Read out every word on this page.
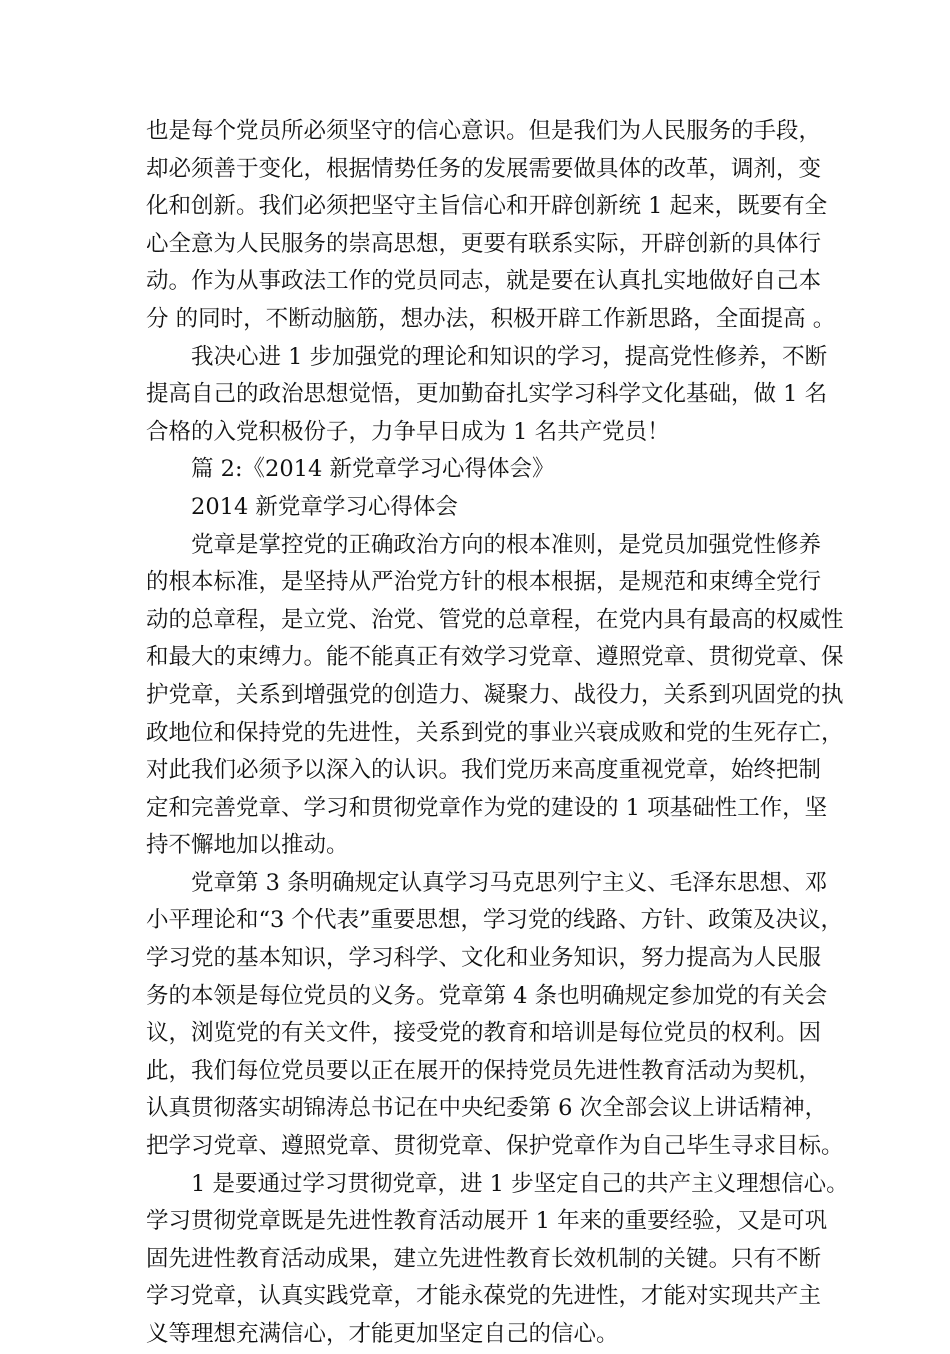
也是每个党员所必须坚守的信心意识。但是我们为人民服务的手段，
却必须善于变化，根据情势任务的发展需要做具体的改革，调剂，变
化和创新。我们必须把坚守主旨信心和开辟创新统 1 起来，既要有全
心全意为人民服务的崇高思想，更要有联系实际，开辟创新的具体行
动。作为从事政法工作的党员同志，就是要在认真扎实地做好自己本
分 的同时，不断动脑筋，想办法，积极开辟工作新思路，全面提高 。
我决心进 1 步加强党的理论和知识的学习，提高党性修养，不断
提高自己的政治思想觉悟，更加勤奋扎实学习科学文化基础，做 1 名
合格的入党积极份子，力争早日成为 1 名共产党员！
篇 2:《2014 新党章学习心得体会》
2014 新党章学习心得体会
党章是掌控党的正确政治方向的根本准则，是党员加强党性修养
的根本标准，是坚持从严治党方针的根本根据，是规范和束缚全党行
动的总章程，是立党、治党、管党的总章程，在党内具有最高的权威性
和最大的束缚力。能不能真正有效学习党章、遵照党章、贯彻党章、保
护党章，关系到增强党的创造力、凝聚力、战役力，关系到巩固党的执
政地位和保持党的先进性，关系到党的事业兴衰成败和党的生死存亡，
对此我们必须予以深入的认识。我们党历来高度重视党章，始终把制
定和完善党章、学习和贯彻党章作为党的建设的 1 项基础性工作，坚
持不懈地加以推动。
党章第 3 条明确规定认真学习马克思列宁主义、毛泽东思想、邓
小平理论和“3 个代表”重要思想，学习党的线路、方针、政策及决议，
学习党的基本知识，学习科学、文化和业务知识，努力提高为人民服
务的本领是每位党员的义务。党章第 4 条也明确规定参加党的有关会
议，浏览党的有关文件，接受党的教育和培训是每位党员的权利。因
此，我们每位党员要以正在展开的保持党员先进性教育活动为契机，
认真贯彻落实胡锦涛总书记在中央纪委第 6 次全部会议上讲话精神，
把学习党章、遵照党章、贯彻党章、保护党章作为自己毕生寻求目标。
1 是要通过学习贯彻党章，进 1 步坚定自己的共产主义理想信心。
学习贯彻党章既是先进性教育活动展开 1 年来的重要经验，又是可巩
固先进性教育活动成果，建立先进性教育长效机制的关键。只有不断
学习党章，认真实践党章，才能永葆党的先进性，才能对实现共产主
义等理想充满信心，才能更加坚定自己的信心。
